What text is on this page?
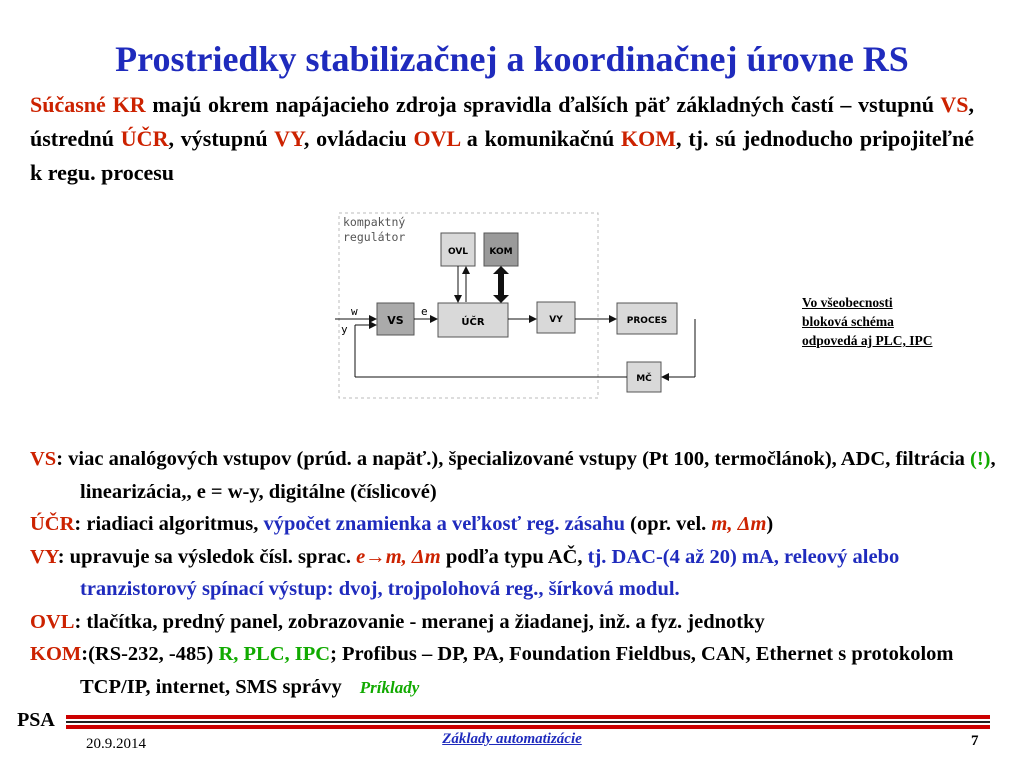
Prostriedky stabilizačnej a koordinačnej úrovne RS
Súčasné KR majú okrem napájacieho zdroja spravidla ďalších päť základných častí – vstupnú VS, ústrednú ÚČR, výstupnú VY, ovládaciu OVL a komunikačnú KOM, tj. sú jednoducho pripojiteľné k regu. procesu
kompaktný
regulátor
OVL KOM
VS	ÚČR	VY	PROCES
MČ
w
y
e
Vo všeobecnosti
bloková schéma
odpovedá aj PLC, IPC
VS: viac analógových vstupov (prúd. a napäť.), špecializované vstupy (Pt 100, termočlánok), ADC, filtrácia (!), linearizácia,, e = w-y, digitálne (číslicové)
ÚČR: riadiaci algoritmus, výpočet znamienka a veľkosť reg. zásahu (opr. vel. m, Δm)
VY: upravuje sa výsledok čísl. sprac. e→m, Δm podľa typu AČ, tj. DAC-(4 až 20) mA, releový alebo tranzistorový spínací výstup: dvoj, trojpolohová reg., šírková modul.
OVL: tlačítka, predný panel, zobrazovanie - meranej a žiadanej, inž. a fyz. jednotky
KOM:(RS-232, -485) R, PLC, IPC; Profibus – DP, PA, Foundation Fieldbus, CAN, Ethernet s protokolom TCP/IP, internet, SMS správy Príklady
PSA
20.9.2014	Základy automatizácie	7
